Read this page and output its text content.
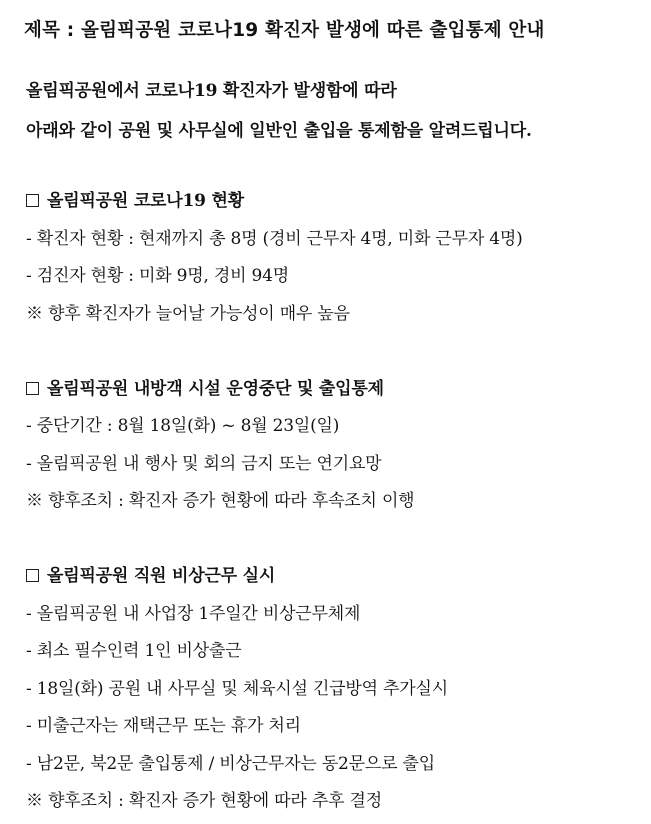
제목 : 올림픽공원 코로나19 확진자 발생에 따른 출입통제 안내
올림픽공원에서 코로나19 확진자가 발생함에 따라
아래와 같이 공원 및 사무실에 일반인 출입을 통제함을 알려드립니다.
올림픽공원 코로나19 현황
- 확진자 현황 : 현재까지 총 8명 (경비 근무자 4명, 미화 근무자 4명)
- 검진자 현황 : 미화 9명, 경비 94명
※ 향후 확진자가 늘어날 가능성이 매우 높음
올림픽공원 내방객 시설 운영중단 및 출입통제
- 중단기간 : 8월 18일(화) ~ 8월 23일(일)
- 올림픽공원 내 행사 및 회의 금지 또는 연기요망
※ 향후조치 : 확진자 증가 현황에 따라 후속조치 이행
올림픽공원 직원 비상근무 실시
- 올림픽공원 내 사업장 1주일간 비상근무체제
- 최소 필수인력 1인 비상출근
- 18일(화) 공원 내 사무실 및 체육시설 긴급방역 추가실시
- 미출근자는 재택근무 또는 휴가 처리
- 남2문, 북2문 출입통제 / 비상근무자는 동2문으로 출입
※ 향후조치 : 확진자 증가 현황에 따라 추후 결정
